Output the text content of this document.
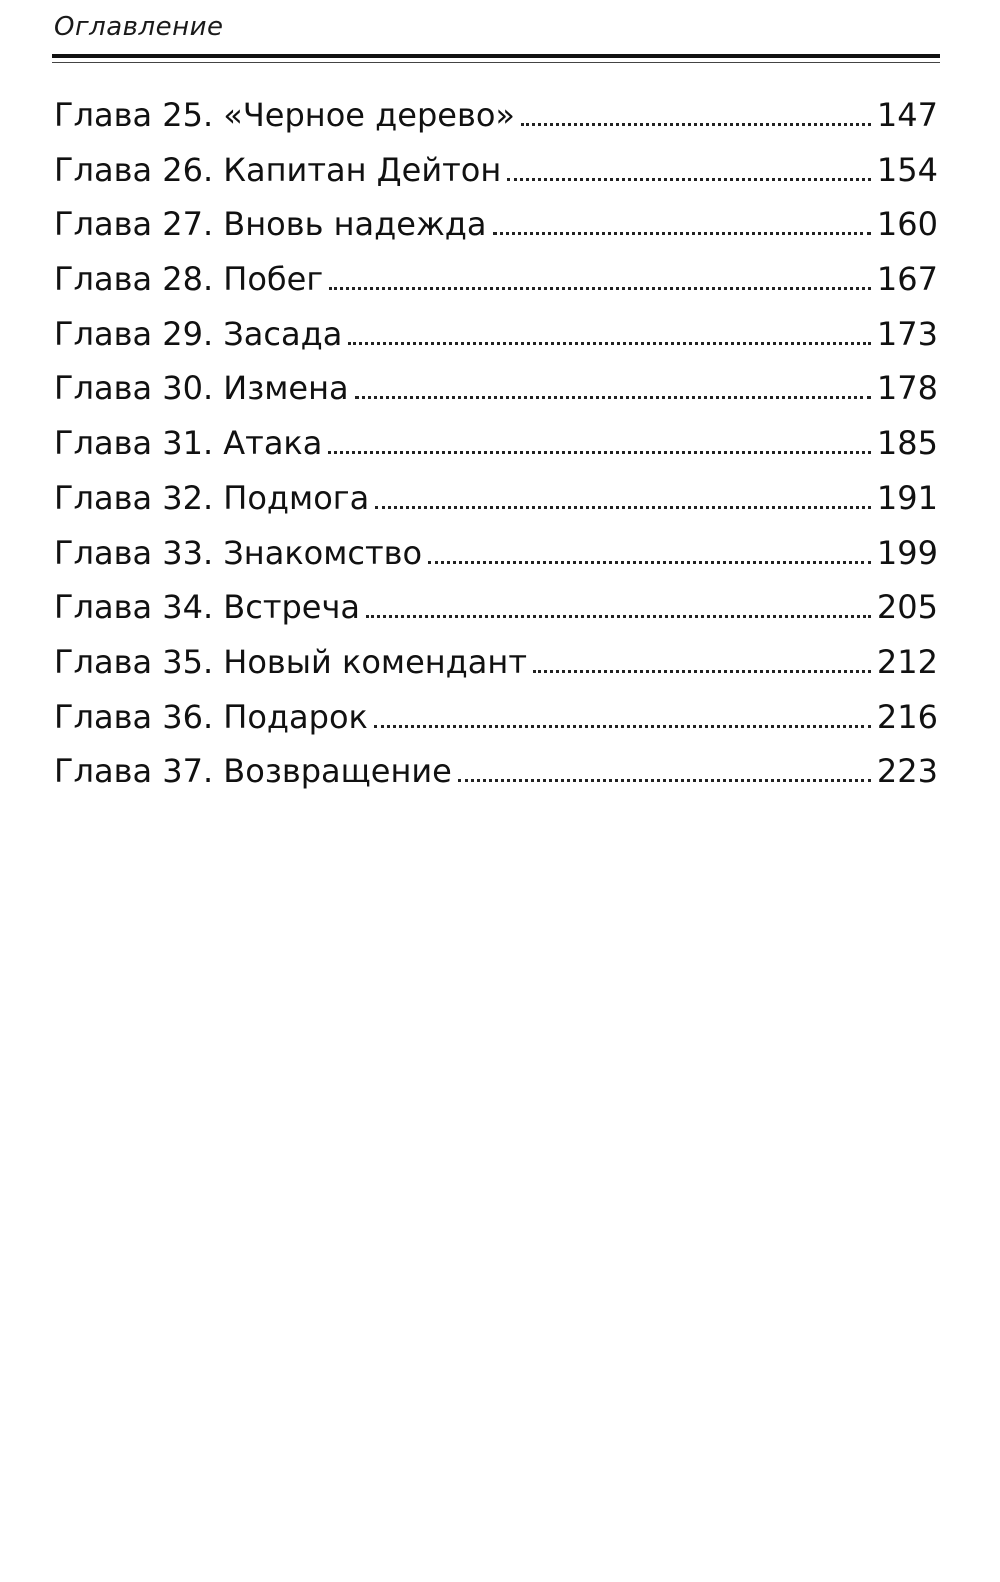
Оглавление
Глава 25. «Черное дерево»	147
Глава 26. Капитан Дейтон	154
Глава 27. Вновь надежда	160
Глава 28. Побег	167
Глава 29. Засада	173
Глава 30. Измена	178
Глава 31. Атака	185
Глава 32. Подмога	191
Глава 33. Знакомство	199
Глава 34. Встреча	205
Глава 35. Новый комендант	212
Глава 36. Подарок	216
Глава 37. Возвращение	223
